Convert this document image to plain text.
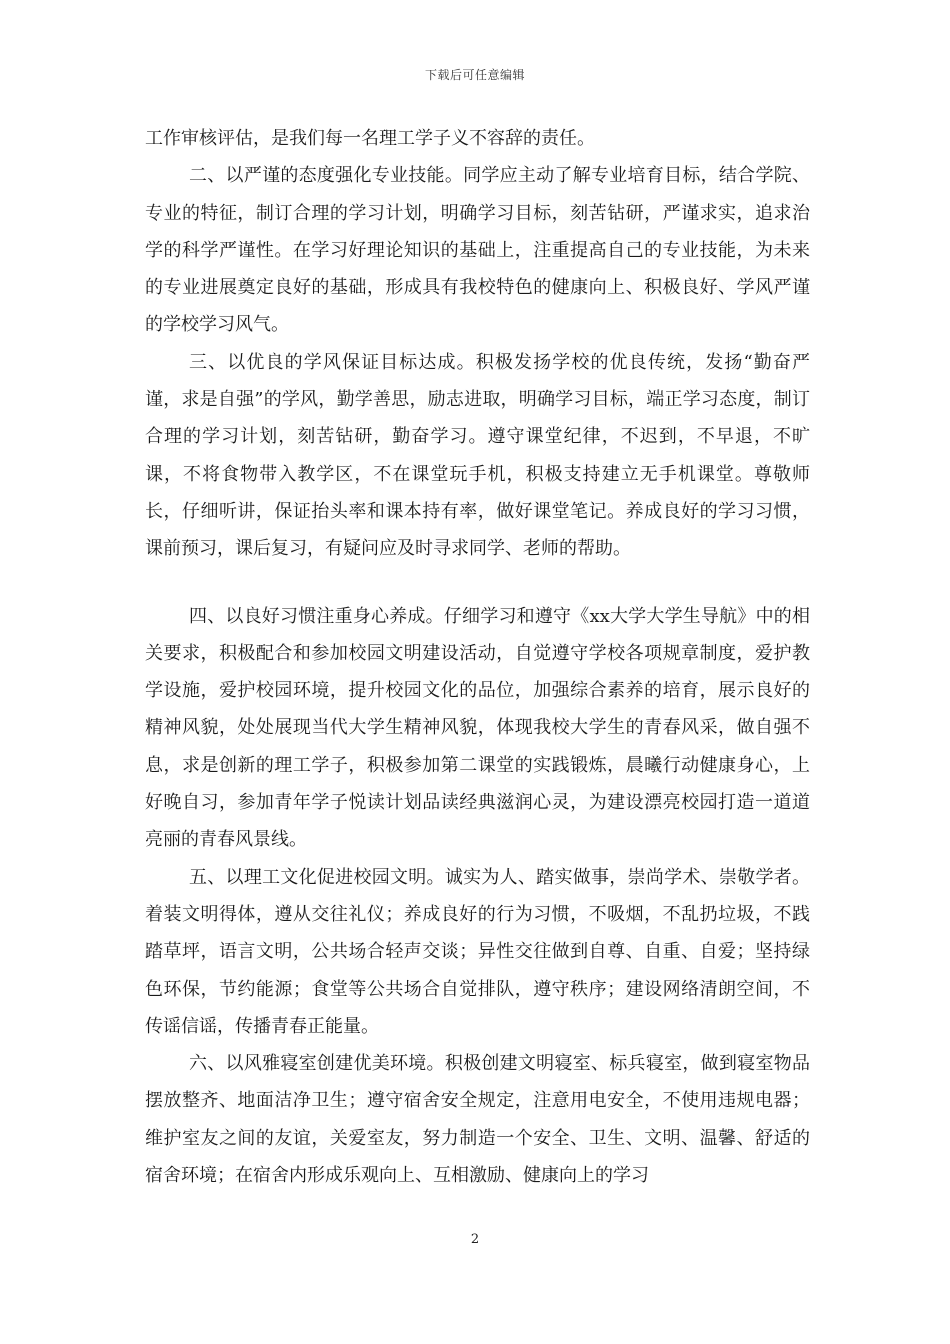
下载后可任意编辑

工作审核评估，是我们每一名理工学子义不容辞的责任。

二、以严谨的态度强化专业技能。同学应主动了解专业培育目标，结合学院、专业的特征，制订合理的学习计划，明确学习目标，刻苦钻研，严谨求实，追求治学的科学严谨性。在学习好理论知识的基础上，注重提高自己的专业技能，为未来的专业进展奠定良好的基础，形成具有我校特色的健康向上、积极良好、学风严谨的学校学习风气。

三、以优良的学风保证目标达成。积极发扬学校的优良传统，发扬“勤奋严谨，求是自强”的学风，勤学善思，励志进取，明确学习目标，端正学习态度，制订合理的学习计划，刻苦钻研，勤奋学习。遵守课堂纪律，不迟到，不早退，不旷课，不将食物带入教学区，不在课堂玩手机，积极支持建立无手机课堂。尊敬师长，仔细听讲，保证抬头率和课本持有率，做好课堂笔记。养成良好的学习习惯，课前预习，课后复习，有疑问应及时寻求同学、老师的帮助。

四、以良好习惯注重身心养成。仔细学习和遵守《xx大学大学生导航》中的相关要求，积极配合和参加校园文明建设活动，自觉遵守学校各项规章制度，爱护教学设施，爱护校园环境，提升校园文化的品位，加强综合素养的培育，展示良好的精神风貌，处处展现当代大学生精神风貌，体现我校大学生的青春风采，做自强不息，求是创新的理工学子，积极参加第二课堂的实践锻炼，晨曦行动健康身心，上好晚自习，参加青年学子悦读计划品读经典滋润心灵，为建设漂亮校园打造一道道亮丽的青春风景线。

五、以理工文化促进校园文明。诚实为人、踏实做事，崇尚学术、崇敬学者。着装文明得体，遵从交往礼仪；养成良好的行为习惯，不吸烟，不乱扔垃圾，不践踏草坪，语言文明，公共场合轻声交谈；异性交往做到自尊、自重、自爱；坚持绿色环保，节约能源；食堂等公共场合自觉排队，遵守秩序；建设网络清朗空间，不传谣信谣，传播青春正能量。

六、以风雅寝室创建优美环境。积极创建文明寝室、标兵寝室，做到寝室物品摆放整齐、地面洁净卫生；遵守宿舍安全规定，注意用电安全，不使用违规电器；维护室友之间的友谊，关爱室友，努力制造一个安全、卫生、文明、温馨、舒适的宿舍环境；在宿舍内形成乐观向上、互相激励、健康向上的学习

2
